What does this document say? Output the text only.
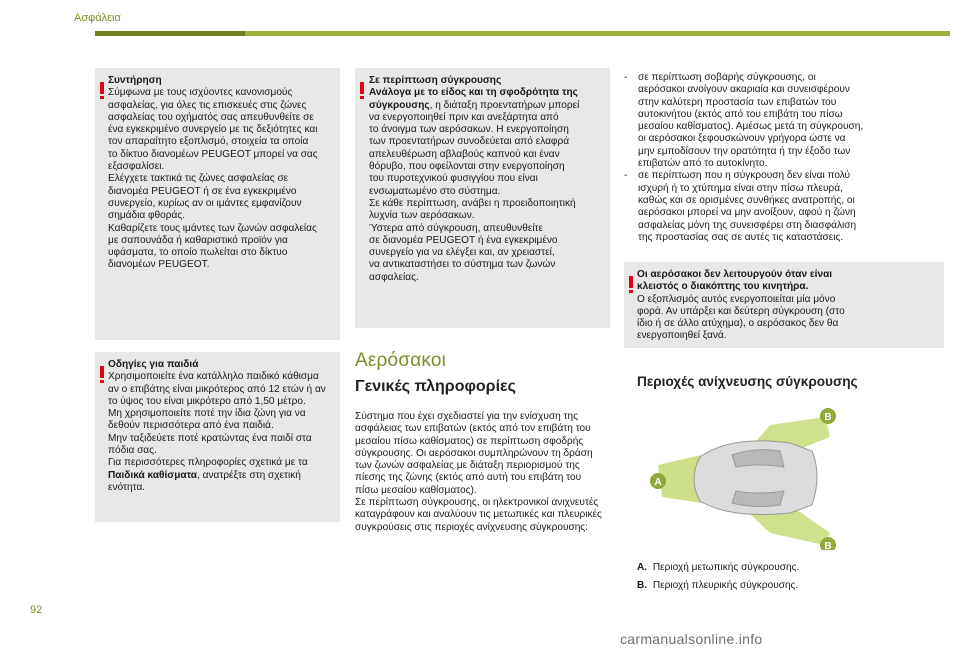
Ασφάλεια

Συντήρηση

Σύμφωνα με τους ισχύοντες κανονισμούς

ασφαλείας, για όλες τις επισκευές στις ζώνες

ασφαλείας του οχήματός σας απευθυνθείτε σε

ένα εγκεκριμένο συνεργείο με τις δεξιότητες και

τον απαραίτητο εξοπλισμό, στοιχεία τα οποία

το δίκτυο διανομέων PEUGEOT μπορεί να σας

εξασφαλίσει.

Ελέγχετε τακτικά τις ζώνες ασφαλείας σε

διανομέα PEUGEOT ή σε ένα εγκεκριμένο

συνεργείο, κυρίως αν οι ιμάντες εμφανίζουν

σημάδια φθοράς.

Καθαρίζετε τους ιμάντες των ζωνών ασφαλείας

με σαπουνάδα ή καθαριστικό προϊόν για

υφάσματα, το οποίο πωλείται στο δίκτυο

διανομέων PEUGEOT.

Οδηγίες για παιδιά

Χρησιμοποιείτε ένα κατάλληλο παιδικό κάθισμα

αν ο επιβάτης είναι μικρότερος από 12 ετών ή αν

το ύψος του είναι μικρότερο από 1,50 μέτρο.

Μη χρησιμοποιείτε ποτέ την ίδια ζώνη για να

δεθούν περισσότερα από ένα παιδιά.

Μην ταξιδεύετε ποτέ κρατώντας ένα παιδί στα

πόδια σας.

Για περισσότερες πληροφορίες σχετικά με τα

Παιδικά καθίσματα, ανατρέξτε στη σχετική

ενότητα.

Σε περίπτωση σύγκρουσης

Ανάλογα με το είδος και τη σφοδρότητα της

σύγκρουσης, η διάταξη προεντατήρων μπορεί

να ενεργοποιηθεί πριν και ανεξάρτητα από

το άνοιγμα των αερόσακων. Η ενεργοποίηση

των προεντατήρων συνοδεύεται από ελαφρά

απελευθέρωση αβλαβούς καπνού και έναν

θόρυβο, που οφείλονται στην ενεργοποίηση

του πυροτεχνικού φυσιγγίου που είναι

ενσωματωμένο στο σύστημα.

Σε κάθε περίπτωση, ανάβει η προειδοποιητική

λυχνία των αερόσακων.

Ύστερα από σύγκρουση, απευθυνθείτε

σε διανομέα PEUGEOT ή ένα εγκεκριμένο

συνεργείο για να ελέγξει και, αν χρειαστεί,

να αντικαταστήσει το σύστημα των ζωνών

ασφαλείας.

Αερόσακοι
Γενικές πληροφορίες

Σύστημα που έχει σχεδιαστεί για την ενίσχυση της

ασφάλειας των επιβατών (εκτός από τον επιβάτη του

μεσαίου πίσω καθίσματος) σε περίπτωση σφοδρής

σύγκρουσης. Οι αερόσακοι συμπληρώνουν τη δράση

των ζωνών ασφαλείας με διάταξη περιορισμού της

πίεσης της ζώνης (εκτός από αυτή του επιβάτη του

πίσω μεσαίου καθίσματος).

Σε περίπτωση σύγκρουσης, οι ηλεκτρονικοί ανιχνευτές

καταγράφουν και αναλύουν τις μετωπικές και πλευρικές

συγκρούσεις στις περιοχές ανίχνευσης σύγκρουσης:

- σε περίπτωση σοβαρής σύγκρουσης, οι

αερόσακοι ανοίγουν ακαριαία και συνεισφέρουν

στην καλύτερη προστασία των επιβατών του

αυτοκινήτου (εκτός από του επιβάτη του πίσω

μεσαίου καθίσματος). Αμέσως μετά τη σύγκρουση,

οι αερόσακοι ξεφουσκώνουν γρήγορα ώστε να

μην εμποδίσουν την ορατότητα ή την έξοδο των

επιβατών από το αυτοκίνητο.

- σε περίπτωση που η σύγκρουση δεν είναι πολύ

ισχυρή ή το χτύπημα είναι στην πίσω πλευρά,

καθώς και σε ορισμένες συνθήκες ανατροπής, οι

αερόσακοι μπορεί να μην ανοίξουν, αφού η ζώνη

ασφαλείας μόνη της συνεισφέρει στη διασφάλιση

της προστασίας σας σε αυτές τις καταστάσεις.

Οι αερόσακοι δεν λειτουργούν όταν είναι

κλειστός ο διακόπτης του κινητήρα.

Ο εξοπλισμός αυτός ενεργοποιείται μία μόνο

φορά. Αν υπάρξει και δεύτερη σύγκρουση (στο

ίδιο ή σε άλλο ατύχημα), ο αερόσακος δεν θα

ενεργοποιηθεί ξανά.

Περιοχές ανίχνευσης σύγκρουσης
A
B
B
A. Περιοχή μετωπικής σύγκρουσης.
B. Περιοχή πλευρικής σύγκρουσης.
92
carmanualsonline.info
